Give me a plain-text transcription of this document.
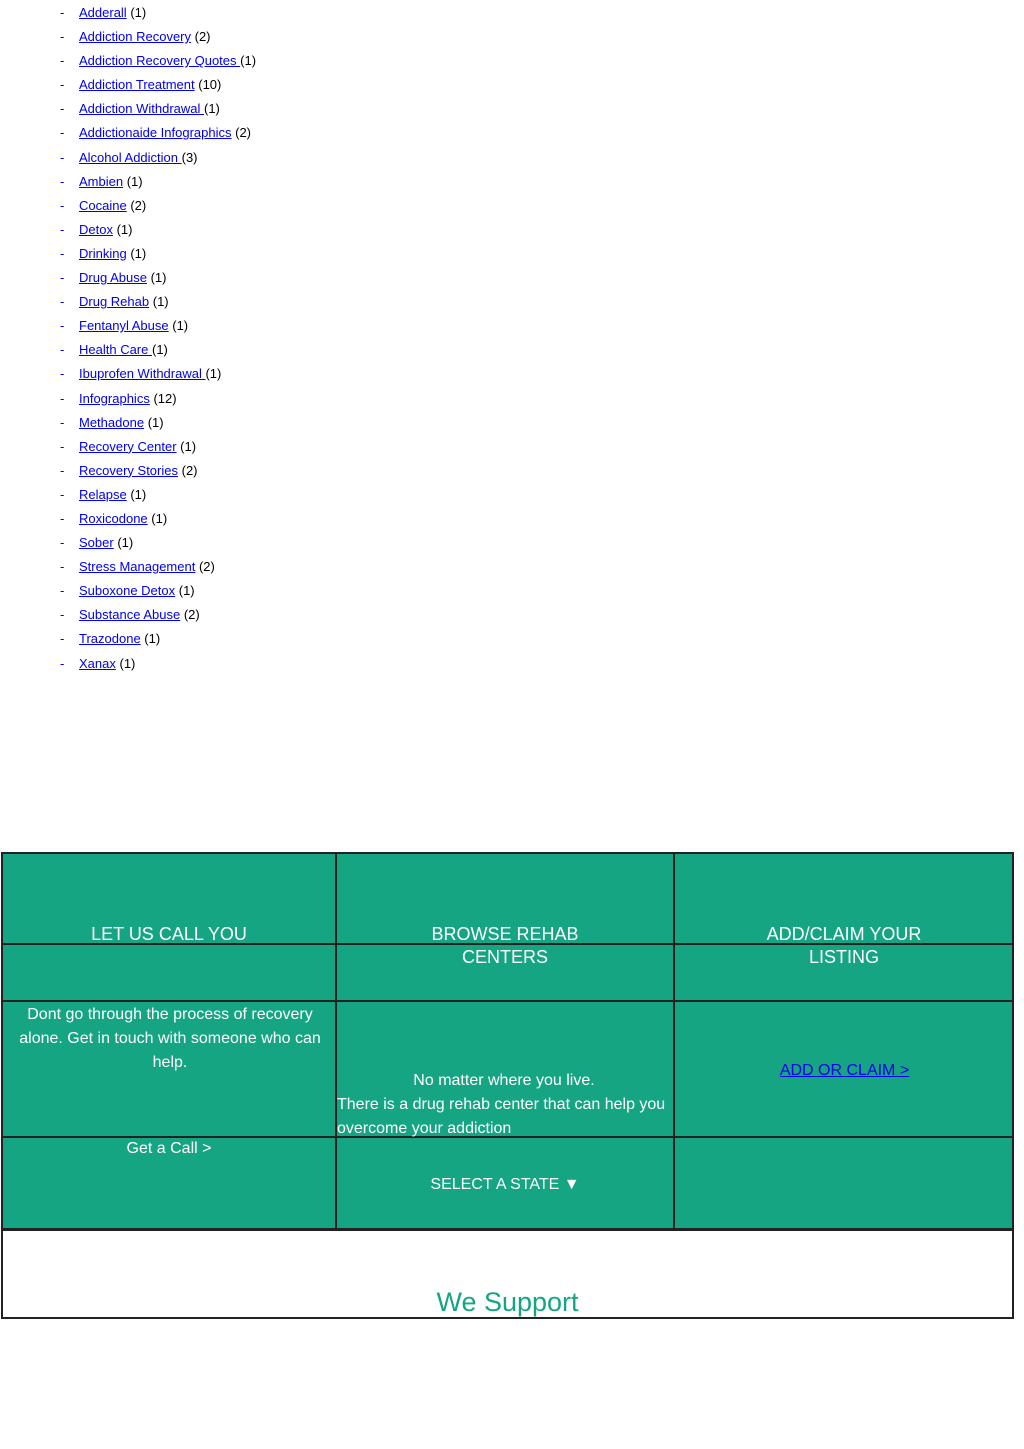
- Adderall (1)
- Addiction Recovery (2)
- Addiction Recovery Quotes (1)
- Addiction Treatment (10)
- Addiction Withdrawal (1)
- Addictionaide Infographics (2)
- Alcohol Addiction (3)
- Ambien (1)
- Cocaine (2)
- Detox (1)
- Drinking (1)
- Drug Abuse (1)
- Drug Rehab (1)
- Fentanyl Abuse (1)
- Health Care (1)
- Ibuprofen Withdrawal (1)
- Infographics (12)
- Methadone (1)
- Recovery Center (1)
- Recovery Stories (2)
- Relapse (1)
- Roxicodone (1)
- Sober (1)
- Stress Management (2)
- Suboxone Detox (1)
- Substance Abuse (2)
- Trazodone (1)
- Xanax (1)
LET US CALL YOU
Dont go through the process of recovery alone. Get in touch with someone who can help.
Get a Call >
BROWSE REHAB CENTERS
No matter where you live.
There is a drug rehab center that can help you overcome your addiction
SELECT A STATE ▼
ADD/CLAIM YOUR LISTING
ADD OR CLAIM >
We Support
